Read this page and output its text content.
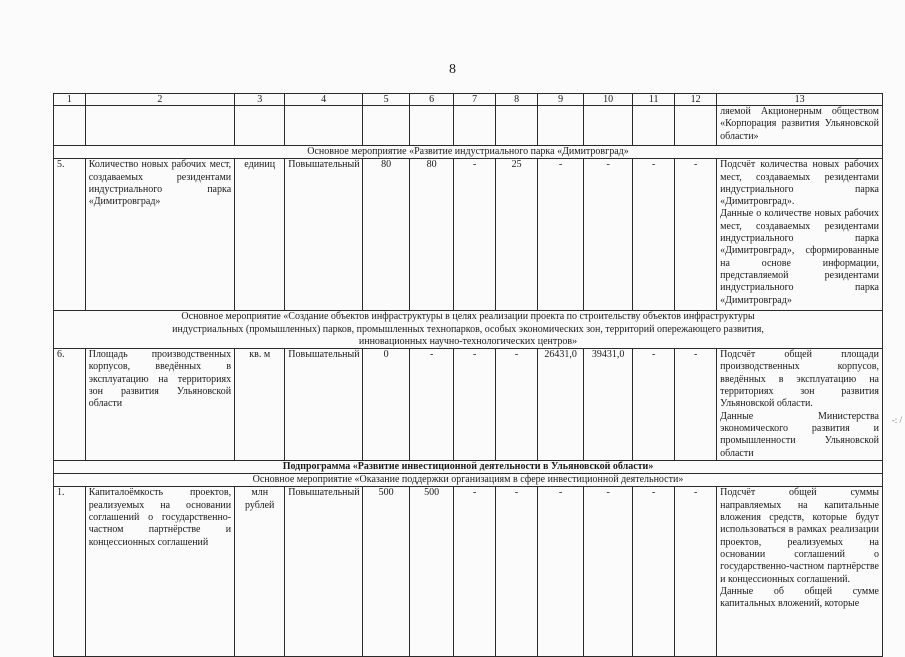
8
1	2	3	4	5	6	7	8	9	10	11	12	13
												ляемой Акционерным обществом «Корпорация развития Ульяновской области»
Основное мероприятие «Развитие индустриального парка «Димитровград»												
5.	Количество новых рабочих мест, создаваемых резидентами индустриального парка «Димитровград»	единиц	Повышательный	80	80	-	25	-	-	-	-	Подсчёт количества новых рабочих мест, создаваемых резидентами индустриального парка «Димитровград».
Данные о количестве новых рабочих мест, создаваемых резидентами индустриального парка «Димитровград», сформированные на основе информации, представляемой резидентами индустриального парка «Димитровград»

Основное мероприятие «Создание объектов инфраструктуры в целях реализации проекта по строительству объектов инфраструктуры индустриальных (промышленных) парков, промышленных технопарков, особых экономических зон, территорий опережающего развития, инновационных научно-технологических центров»												
6.	Площадь производственных корпусов, введённых в эксплуатацию на территориях зон развития Ульяновской области	кв. м	Повышательный	0	-	-	-	26431,0	39431,0	-	-	Подсчёт общей площади производственных корпусов, введённых в эксплуатацию на территориях зон развития Ульяновской области.
Данные Министерства экономического развития и промышленности Ульяновской области

Подпрограмма «Развитие инвестиционной деятельности в Ульяновской области»												
Основное мероприятие «Оказание поддержки организациям в сфере инвестиционной деятельности»												
1.	Капиталоёмкость проектов, реализуемых на основании соглашений о государственно-частном партнёрстве и концессионных соглашений	млн рублей	Повышательный	500	500	-	-	-	-	-	-	Подсчёт общей суммы направляемых на капитальные вложения средств, которые будут использоваться в рамках реализации проектов, реализуемых на основании соглашений о государственно-частном партнёрстве и концессионных соглашений.
Данные об общей сумме капитальных вложений, которые
-: /
